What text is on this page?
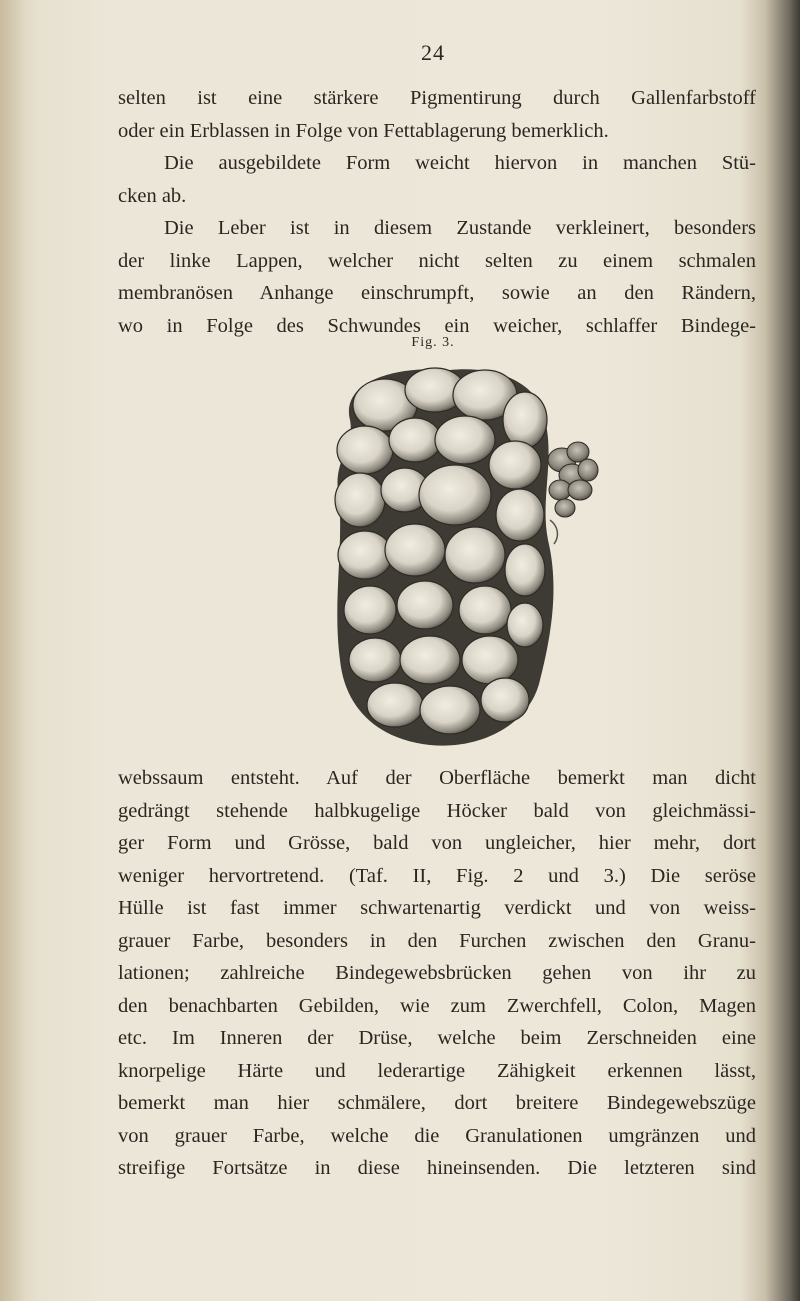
24
selten ist eine stärkere Pigmentirung durch Gallenfarbstoff
oder ein Erblassen in Folge von Fettablagerung bemerklich.
Die ausgebildete Form weicht hiervon in manchen Stü-
cken ab.
Die Leber ist in diesem Zustande verkleinert, besonders
der linke Lappen, welcher nicht selten zu einem schmalen
membranösen Anhange einschrumpft, sowie an den Rändern,
wo in Folge des Schwundes ein weicher, schlaffer Bindege-
Fig. 3.
webssaum entsteht. Auf der Oberfläche bemerkt man dicht
gedrängt stehende halbkugelige Höcker bald von gleichmässi-
ger Form und Grösse, bald von ungleicher, hier mehr, dort
weniger hervortretend. (Taf. II, Fig. 2 und 3.) Die seröse
Hülle ist fast immer schwartenartig verdickt und von weiss-
grauer Farbe, besonders in den Furchen zwischen den Granu-
lationen; zahlreiche Bindegewebsbrücken gehen von ihr zu
den benachbarten Gebilden, wie zum Zwerchfell, Colon, Magen
etc. Im Inneren der Drüse, welche beim Zerschneiden eine
knorpelige Härte und lederartige Zähigkeit erkennen lässt,
bemerkt man hier schmälere, dort breitere Bindegewebszüge
von grauer Farbe, welche die Granulationen umgränzen und
streifige Fortsätze in diese hineinsenden. Die letzteren sind
